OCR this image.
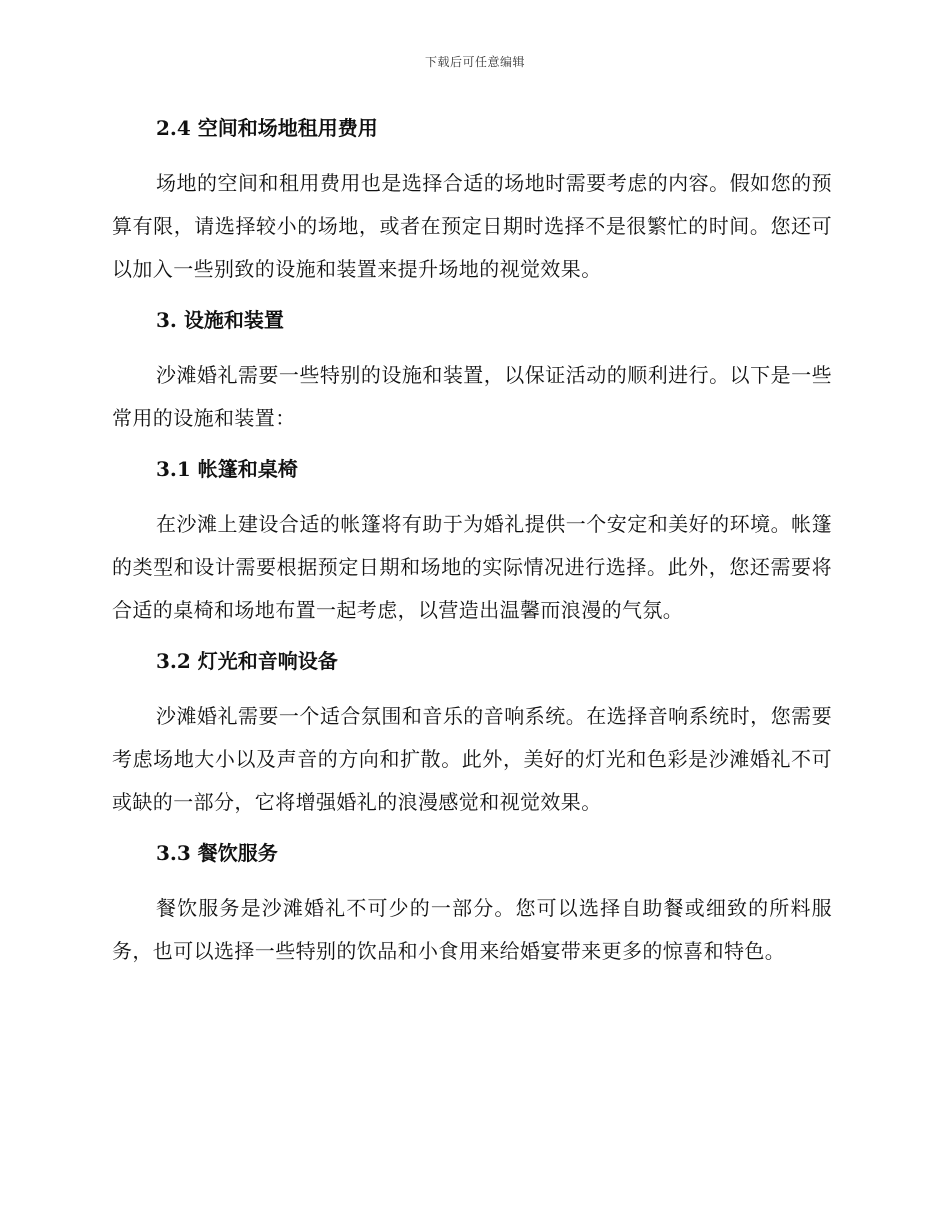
下载后可任意编辑
2.4 空间和场地租用费用

场地的空间和租用费用也是选择合适的场地时需要考虑的内容。假如您的预算有限，请选择较小的场地，或者在预定日期时选择不是很繁忙的时间。您还可以加入一些别致的设施和装置来提升场地的视觉效果。

3. 设施和装置

沙滩婚礼需要一些特别的设施和装置，以保证活动的顺利进行。以下是一些常用的设施和装置：

3.1 帐篷和桌椅

在沙滩上建设合适的帐篷将有助于为婚礼提供一个安定和美好的环境。帐篷的类型和设计需要根据预定日期和场地的实际情况进行选择。此外，您还需要将合适的桌椅和场地布置一起考虑，以营造出温馨而浪漫的气氛。

3.2 灯光和音响设备

沙滩婚礼需要一个适合氛围和音乐的音响系统。在选择音响系统时，您需要考虑场地大小以及声音的方向和扩散。此外，美好的灯光和色彩是沙滩婚礼不可或缺的一部分，它将增强婚礼的浪漫感觉和视觉效果。

3.3 餐饮服务

餐饮服务是沙滩婚礼不可少的一部分。您可以选择自助餐或细致的所料服务，也可以选择一些特别的饮品和小食用来给婚宴带来更多的惊喜和特色。
